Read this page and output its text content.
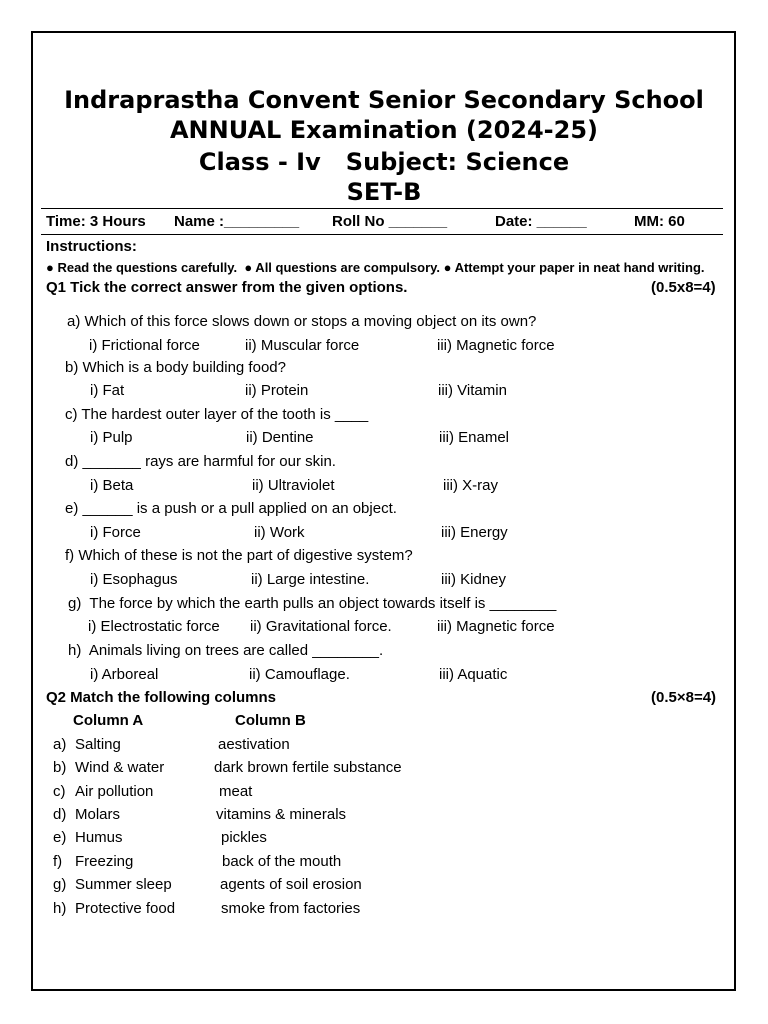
Indraprastha Convent Senior Secondary School
ANNUAL Examination (2024-25)
Class - Iv   Subject: Science
SET-B
Time: 3 Hours Name :_________ Roll No _______	Date: ______	MM: 60
Instructions:
● Read the questions carefully.  ● All questions are compulsory. ● Attempt your paper in neat hand writing.
Q1 Tick the correct answer from the given options.	(0.5x8=4)
a) Which of this force slows down or stops a moving object on its own?
i) Frictional force	ii) Muscular force	iii) Magnetic force
b) Which is a body building food?
i) Fat	ii) Protein	iii) Vitamin
c) The hardest outer layer of the tooth is ____
i) Pulp	ii) Dentine	iii) Enamel
d) _______ rays are harmful for our skin.
i) Beta	ii) Ultraviolet	iii) X-ray
e) ______ is a push or a pull applied on an object.
i) Force	ii) Work	iii) Energy
f) Which of these is not the part of digestive system?
i) Esophagus	ii) Large intestine.	iii) Kidney
g)  The force by which the earth pulls an object towards itself is ________
i) Electrostatic force ii) Gravitational force.	iii) Magnetic force
h)  Animals living on trees are called ________.
i) Arboreal	ii) Camouflage.	iii) Aquatic
Q2 Match the following columns	(0.5×8=4)
Column A	Column B
a) Salting	aestivation
b) Wind & water	dark brown fertile substance
c) Air pollution	meat
d) Molars	vitamins & minerals
e) Humus	pickles
f) Freezing	back of the mouth
g) Summer sleep	agents of soil erosion
h) Protective food	smoke from factories
